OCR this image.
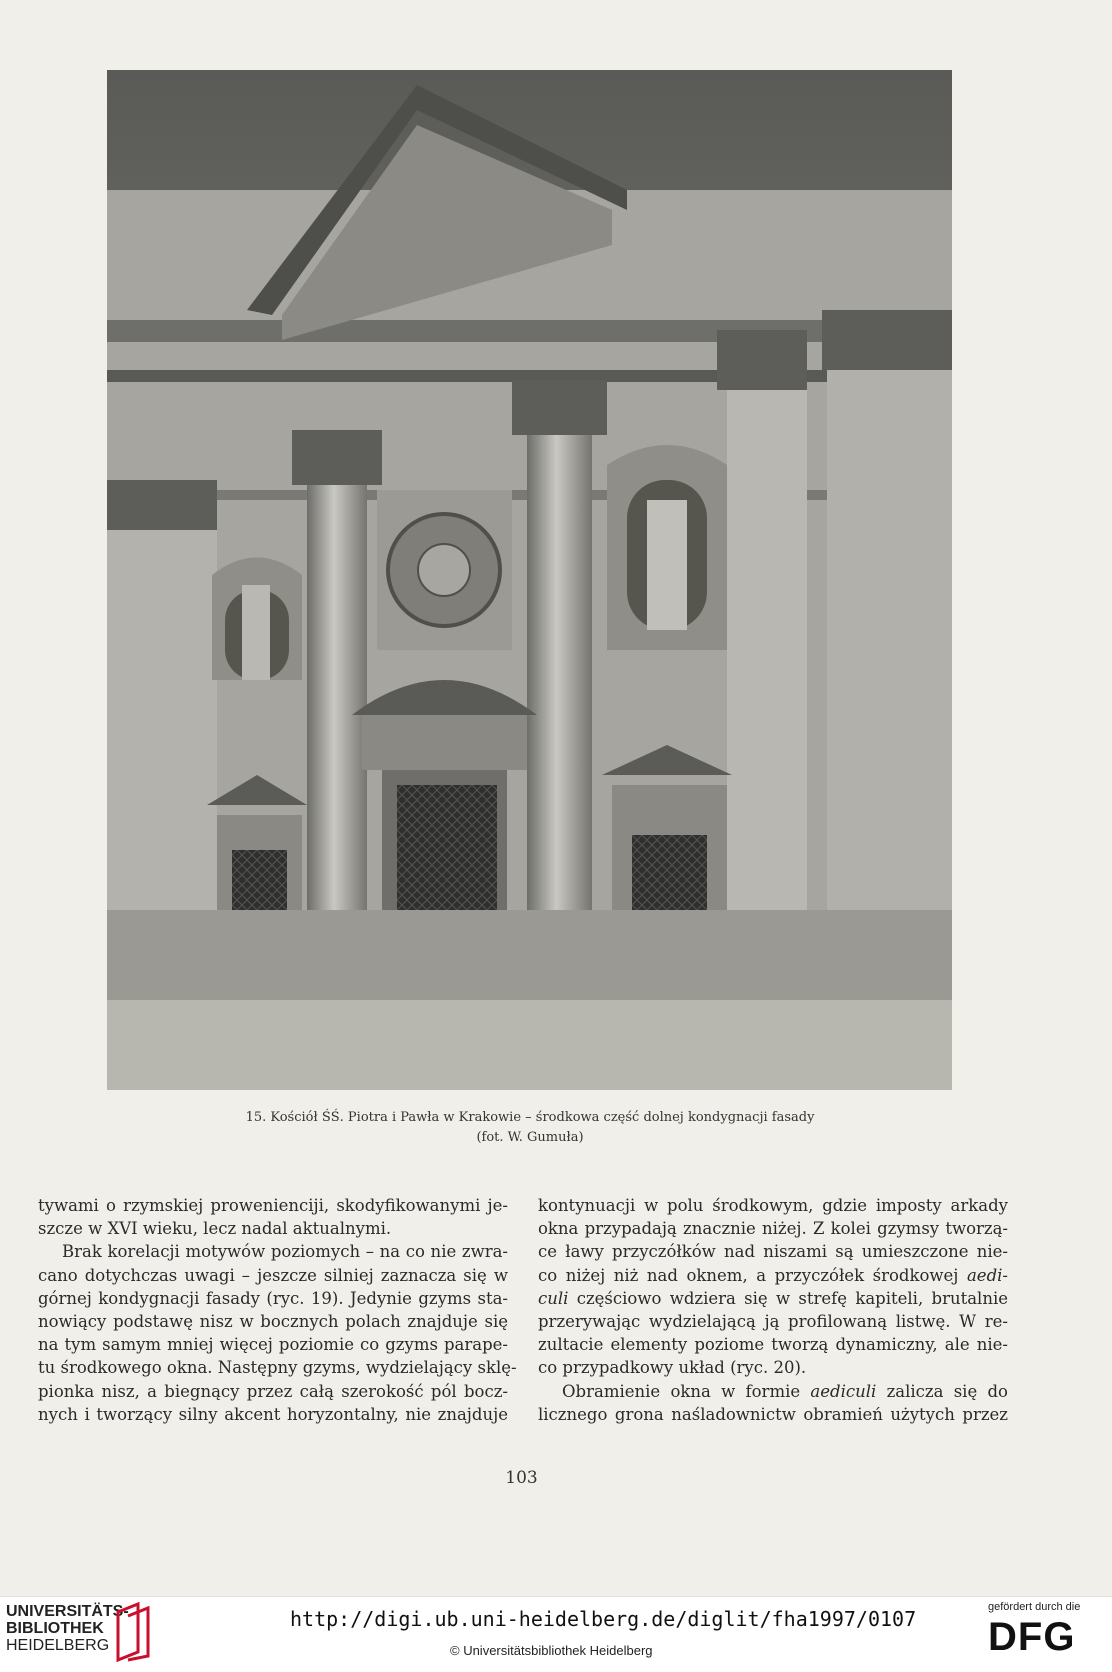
15. Kościół ŚŚ. Piotra i Pawła w Krakowie – środkowa część dolnej kondygnacji fasady
(fot. W. Gumuła)
tywami o rzymskiej prowenienciji, skodyfikowanymi je-
szcze w XVI wieku, lecz nadal aktualnymi.
Brak korelacji motywów poziomych – na co nie zwra-
cano dotychczas uwagi – jeszcze silniej zaznacza się w
górnej kondygnacji fasady (ryc. 19). Jedynie gzyms sta-
nowiący podstawę nisz w bocznych polach znajduje się
na tym samym mniej więcej poziomie co gzyms parape-
tu środkowego okna. Następny gzyms, wydzielający sklę-
pionka nisz, a biegnący przez całą szerokość pól bocz-
nych i tworzący silny akcent horyzontalny, nie znajduje
kontynuacji w polu środkowym, gdzie imposty arkady
okna przypadają znacznie niżej. Z kolei gzymsy tworzą-
ce ławy przyczółków nad niszami są umieszczone nie-
co niżej niż nad oknem, a przyczółek środkowej aedi-
culi częściowo wdziera się w strefę kapiteli, brutalnie
przerywając wydzielającą ją profilowaną listwę. W re-
zultacie elementy poziome tworzą dynamiczny, ale nie-
co przypadkowy układ (ryc. 20).
Obramienie okna w formie aediculi zalicza się do
licznego grona naśladownictw obramień użytych przez
103
UNIVERSITÄTS-
BIBLIOTHEK
HEIDELBERG
http://digi.ub.uni-heidelberg.de/diglit/fha1997/0107
© Universitätsbibliothek Heidelberg
gefördert durch die
DFG
